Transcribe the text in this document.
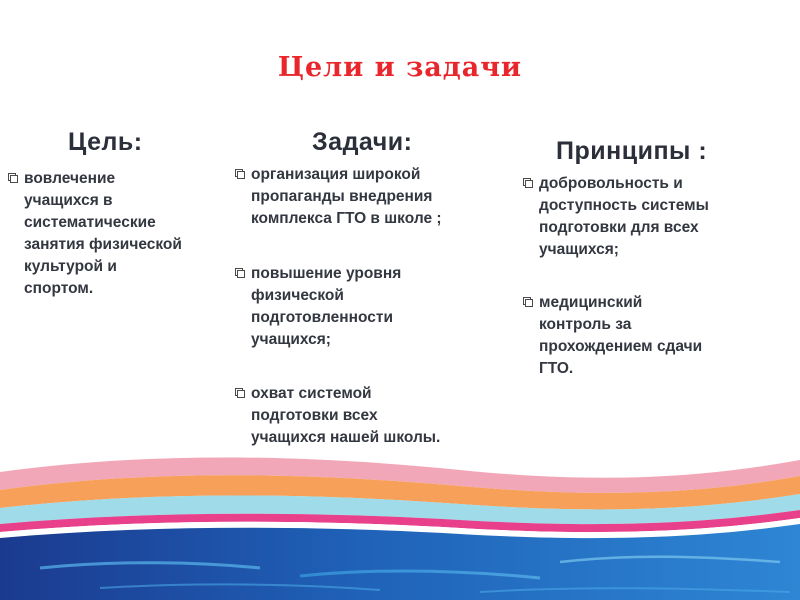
Цели и задачи
Цель:
вовлечение
учащихся в
систематические
занятия физической
культурой и
спортом.
Задачи:
организация широкой
пропаганды внедрения
комплекса ГТО в школе ;
повышение уровня
физической
подготовленности
учащихся;
охват системой
подготовки всех
учащихся нашей школы.
Принципы :
добровольность и
доступность системы
подготовки для всех
учащихся;
медицинский
контроль за
прохождением сдачи
ГТО.
